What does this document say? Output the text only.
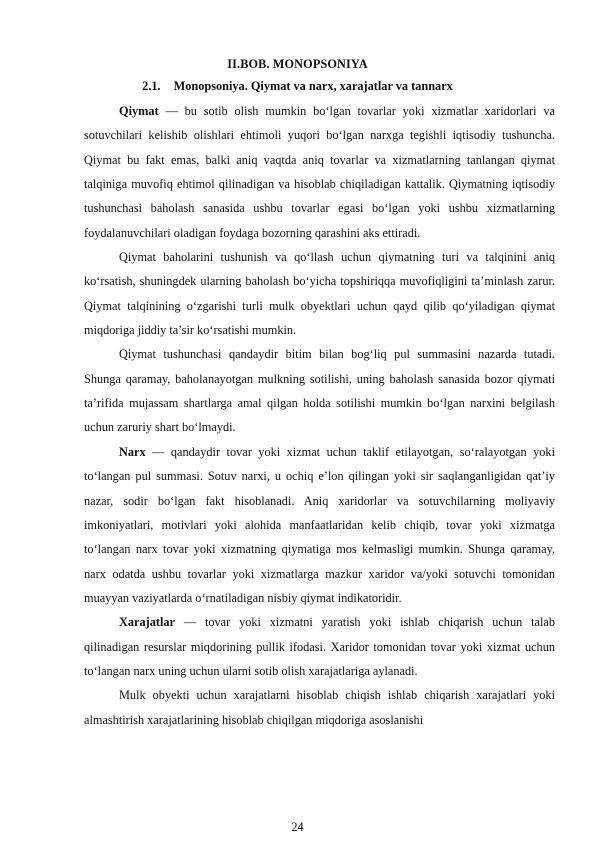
II.BOB. MONOPSONIYA
2.1. Monopsoniya. Qiymat va narx, xarajatlar va tannarx

Qiymat — bu sotib olish mumkin bo‘lgan tovarlar yoki xizmatlar xaridorlari va sotuvchilari kelishib olishlari ehtimoli yuqori bo‘lgan narxga tegishli iqtisodiy tushuncha. Qiymat bu fakt emas, balki aniq vaqtda aniq tovarlar va xizmatlarning tanlangan qiymat talqiniga muvofiq ehtimol qilinadigan va hisoblab chiqiladigan kattalik. Qiymatning iqtisodiy tushunchasi baholash sanasida ushbu tovarlar egasi bo‘lgan yoki ushbu xizmatlarning foydalanuvchilari oladigan foydaga bozorning qarashini aks ettiradi.

Qiymat baholarini tushunish va qo‘llash uchun qiymatning turi va talqinini aniq ko‘rsatish, shuningdek ularning baholash bo‘yicha topshiriqqa muvofiqligini ta’minlash zarur. Qiymat talqinining o‘zgarishi turli mulk obyektlari uchun qayd qilib qo‘yiladigan qiymat miqdoriga jiddiy ta’sir ko‘rsatishi mumkin.

Qiymat tushunchasi qandaydir bitim bilan bog‘liq pul summasini nazarda tutadi. Shunga qaramay, baholanayotgan mulkning sotilishi, uning baholash sanasida bozor qiymati ta’rifida mujassam shartlarga amal qilgan holda sotilishi mumkin bo‘lgan narxini belgilash uchun zaruriy shart bo‘lmaydi.

Narx — qandaydir tovar yoki xizmat uchun taklif etilayotgan, so‘ralayotgan yoki to‘langan pul summasi. Sotuv narxi, u ochiq e’lon qilingan yoki sir saqlanganligidan qat’iy nazar, sodir bo‘lgan fakt hisoblanadi. Aniq xaridorlar va sotuvchilarning moliyaviy imkoniyatlari, motivlari yoki alohida manfaatlaridan kelib chiqib, tovar yoki xizmatga to‘langan narx tovar yoki xizmatning qiymatiga mos kelmasligi mumkin. Shunga qaramay, narx odatda ushbu tovarlar yoki xizmatlarga mazkur xaridor va/yoki sotuvchi tomonidan muayyan vaziyatlarda o‘rnatiladigan nisbiy qiymat indikatoridir.

Xarajatlar — tovar yoki xizmatni yaratish yoki ishlab chiqarish uchun talab qilinadigan resurslar miqdorining pullik ifodasi. Xaridor tomonidan tovar yoki xizmat uchun to‘langan narx uning uchun ularni sotib olish xarajatlariga aylanadi.

Mulk obyekti uchun xarajatlarni hisoblab chiqish ishlab chiqarish xarajatlari yoki almashtirish xarajatlarining hisoblab chiqilgan miqdoriga asoslanishi

24
